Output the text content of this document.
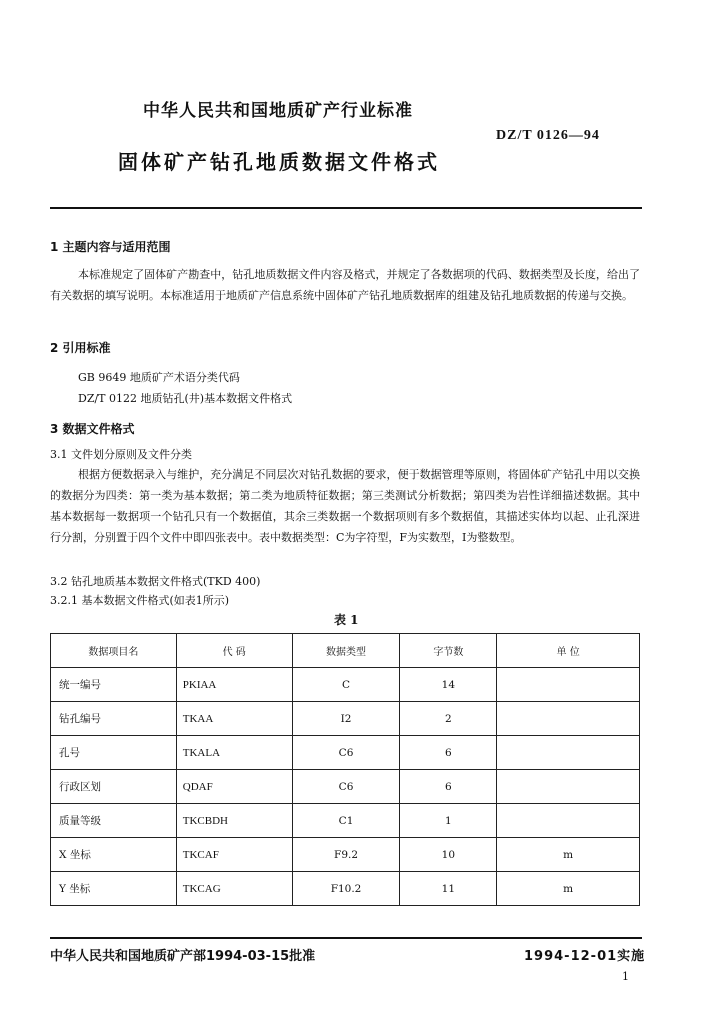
中华人民共和国地质矿产行业标准
DZ/T 0126—94
固体矿产钻孔地质数据文件格式
1 主题内容与适用范围
本标准规定了固体矿产勘查中，钻孔地质数据文件内容及格式，并规定了各数据项的代码、数据类型及长度，给出了有关数据的填写说明。本标准适用于地质矿产信息系统中固体矿产钻孔地质数据库的组建及钻孔地质数据的传递与交换。
2 引用标准
GB 9649 地质矿产术语分类代码
DZ/T 0122 地质钻孔(井)基本数据文件格式
3 数据文件格式
3.1 文件划分原则及文件分类
根据方便数据录入与维护，充分满足不同层次对钻孔数据的要求，便于数据管理等原则，将固体矿产钻孔中用以交换的数据分为四类：第一类为基本数据；第二类为地质特征数据；第三类测试分析数据；第四类为岩性详细描述数据。其中基本数据每一数据项一个钻孔只有一个数据值，其余三类数据一个数据项则有多个数据值，其描述实体均以起、止孔深进行分割，分别置于四个文件中即四张表中。表中数据类型：C为字符型，F为实数型，I为整数型。
3.2 钻孔地质基本数据文件格式(TKD 400)
3.2.1 基本数据文件格式(如表1所示)
表 1
数据项目名	代 码	数据类型	字节数	单 位
统一编号	PKIAA	C	14	
钻孔编号	TKAA	I2	2	
孔号	TKALA	C6	6	
行政区划	QDAF	C6	6	
质量等级	TKCBDH	C1	1	
X 坐标	TKCAF	F9.2	10	m
Y 坐标	TKCAG	F10.2	11	m
中华人民共和国地质矿产部1994-03-15批准	1994-12-01实施
1
